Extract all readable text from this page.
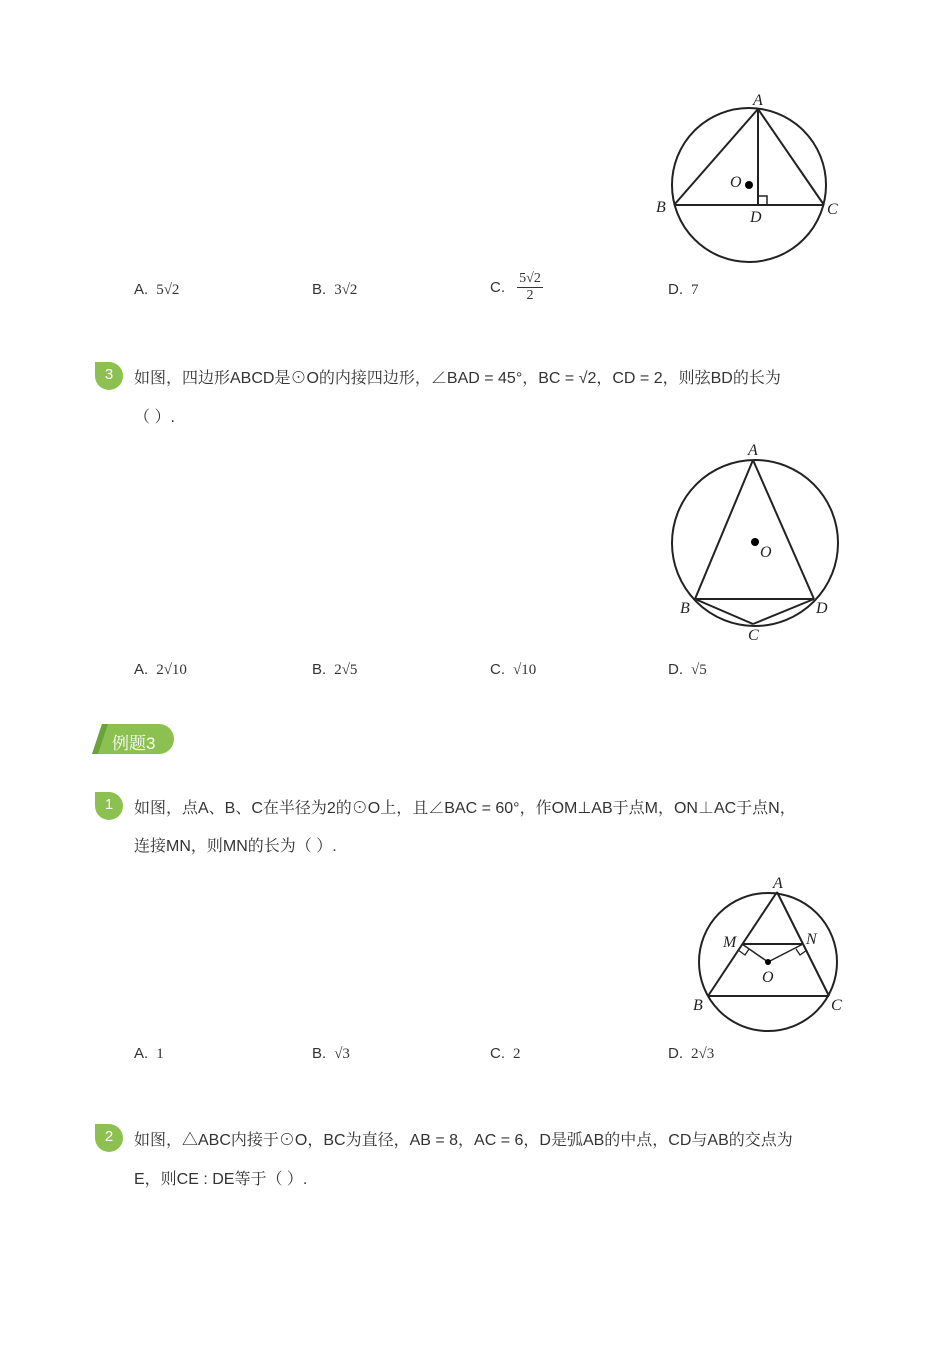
A
B	C
D
O
A. 5√2	B. 3√2	C. $\frac{5√2}{2}$	D. 7
3	如图，四边形ABCD是⊙O的内接四边形，∠BAD = 45°，BC = √2，CD = 2，则弦BD的长为
（ ）.
A
B
C
D
O
A. 2√10	B. 2√5	C. √10	D. √5
例题3
1	如图，点A、B、C在半径为2的⊙O上，且∠BAC = 60°，作OM⊥AB于点M，ON⊥AC于点N，
连接MN，则MN的长为（ ）.
A
B	C
M	N
O
A. 1	B. √3	C. 2	D. 2√3
2	如图，△ABC内接于⊙O，BC为直径，AB = 8，AC = 6，D是弧AB的中点，CD与AB的交点为
E，则CE : DE等于（ ）.
